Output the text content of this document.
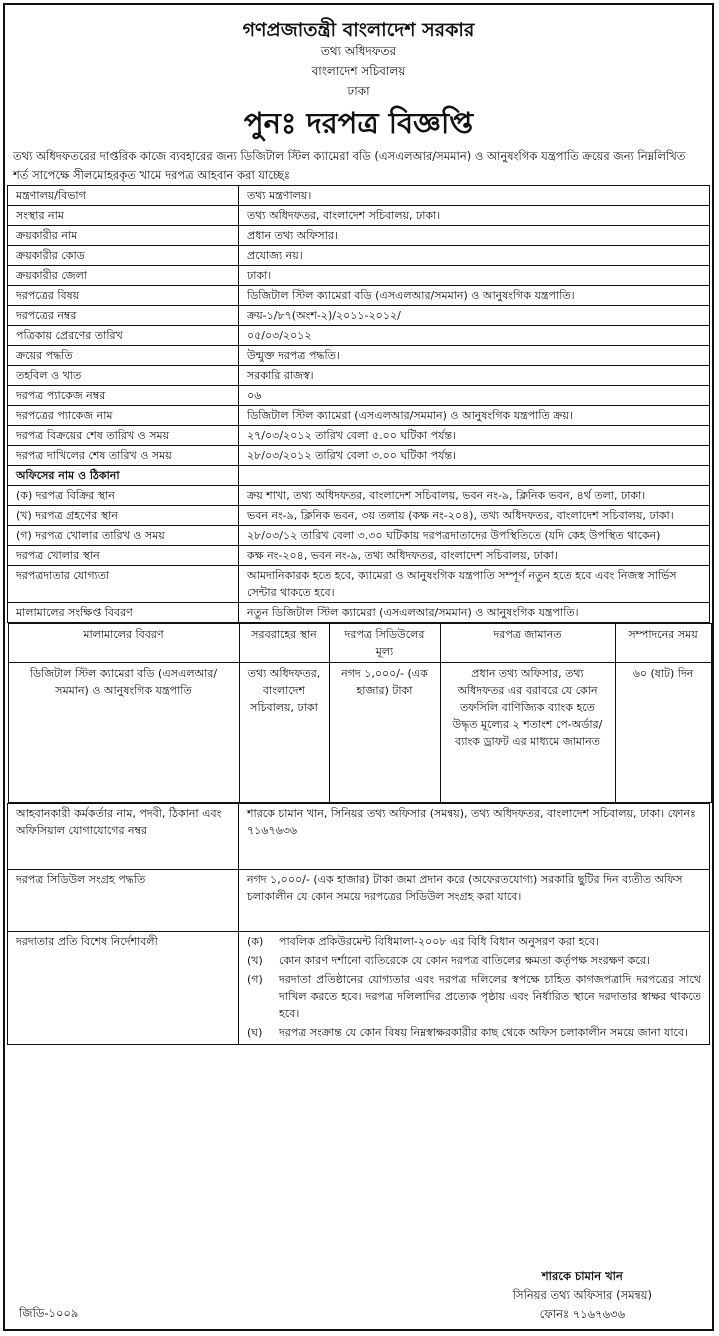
গণপ্রজাতন্ত্রী বাংলাদেশ সরকার
তথ্য অধিদফতর
বাংলাদেশ সচিবালয়
ঢাকা
পুনঃ দরপত্র বিজ্ঞপ্তি
তথ্য অধিদফতরের দাপ্তরিক কাজে ব্যবহারের জন্য ডিজিটাল স্টিল ক্যামেরা বডি (এসএলআর/সমমান) ও আনুষংগিক যন্ত্রপাতি ক্রয়ের জন্য নিম্নলিখিত শর্ত সাপেক্ষে সীলমোহরকৃত খামে দরপত্র আহবান করা যাচ্ছেঃ
মন্ত্রণালয়/বিভাগ	তথ্য মন্ত্রণালয়।
সংস্থার নাম	তথ্য অধিদফতর, বাংলাদেশ সচিবালয়, ঢাকা।
ক্রয়কারীর নাম	প্রধান তথ্য অফিসার।
ক্রয়কারীর কোড	প্রযোজ্য নয়।
ক্রয়কারীর জেলা	ঢাকা।
দরপত্রের বিষয়	ডিজিটাল স্টিল ক্যামেরা বডি (এসএলআর/সমমান) ও আনুষংগিক যন্ত্রপাতি।
দরপত্রের নম্বর	ক্রয়-১/৮৭(অংশ-২)/২০১১-২০১২/
পত্রিকায় প্রেরণের তারিখ	০৫/০৩/২০১২
ক্রয়ের পদ্ধতি	উন্মুক্ত দরপত্র পদ্ধতি।
তহবিল ও খাত	সরকারি রাজস্ব।
দরপত্র প্যাকেজ নম্বর	০৬
দরপত্রের প্যাকেজ নাম	ডিজিটাল স্টিল ক্যামেরা (এসএলআর/সমমান) ও আনুষংগিক যন্ত্রপাতি ক্রয়।
দরপত্র বিক্রয়ের শেষ তারিখ ও সময়	২৭/০৩/২০১২ তারিখ বেলা ৫.০০ ঘটিকা পর্যন্ত।
দরপত্র দাখিলের শেষ তারিখ ও সময়	২৮/০৩/২০১২ তারিখ বেলা ৩.০০ ঘটিকা পর্যন্ত।
অফিসের নাম ও ঠিকানা	
(ক) দরপত্র বিক্রির স্থান	ক্রয় শাখা, তথ্য অধিদফতর, বাংলাদেশ সচিবালয়, ভবন নং-৯, ক্লিনিক ভবন, ৪র্থ তলা, ঢাকা।
(খ) দরপত্র গ্রহণের স্থান	ভবন নং-৯, ক্লিনিক ভবন, ৩য় তলায় (কক্ষ নং-২০৪), তথ্য অধিদফতর, বাংলাদেশ সচিবালয়, ঢাকা।
(গ) দরপত্র খোলার তারিখ ও সময়	২৮/০৩/১২ তারিখ বেলা ৩.৩০ ঘটিকায় দরপত্রদাতাদের উপস্থিতিতে (যদি কেহ উপস্থিত থাকেন)
দরপত্র খোলার স্থান	কক্ষ নং-২০৪, ভবন নং-৯, তথ্য অধিদফতর, বাংলাদেশ সচিবালয়, ঢাকা।
দরপত্রদাতার যোগ্যতা	আমদানিকারক হতে হবে, ক্যামেরা ও আনুষংগিক যন্ত্রপাতি সম্পূর্ণ নতুন হতে হবে এবং নিজস্ব সার্ভিস সেন্টার থাকতে হবে।
মালামালের সংক্ষিপ্ত বিবরণ	নতুন ডিজিটাল স্টিল ক্যামেরা (এসএলআর/সমমান) ও আনুষংগিক যন্ত্রপাতি।

মালামালের বিবরণ	সরবরাহের স্থান	দরপত্র সিডিউলের মূল্য	দরপত্র জামানত	সম্পাদনের সময়
ডিজিটাল স্টিল ক্যামেরা বডি (এসএলআর/সমমান) ও আনুষংগিক যন্ত্রপাতি	তথ্য অধিদফতর, বাংলাদেশ সচিবালয়, ঢাকা	নগদ ১,০০০/- (এক হাজার) টাকা	প্রধান তথ্য অফিসার, তথ্য অধিদফতর এর বরাবরে যে কোন তফসিলি বাণিজ্যিক ব্যাংক হতে উদ্ধৃত মূল্যের ২ শতাংশ পে-অর্ডার/ ব্যাংক ড্রাফট এর মাধ্যমে জামানত	৬০ (ষাট) দিন

আহবানকারী কর্মকর্তার নাম, পদবী, ঠিকানা এবং অফিসিয়াল যোগাযোগের নম্বর	শারকে চামান খান, সিনিয়র তথ্য অফিসার (সমন্বয়), তথ্য অধিদফতর, বাংলাদেশ সচিবালয়, ঢাকা। ফোনঃ ৭১৬৭৬৩৬
দরপত্র সিডিউল সংগ্রহ পদ্ধতি	নগদ ১,০০০/- (এক হাজার) টাকা জমা প্রদান করে (অফেরতযোগ্য) সরকারি ছুটির দিন ব্যতীত অফিস চলাকালীন যে কোন সময়ে দরপত্রের সিডিউল সংগ্রহ করা যাবে।
দরদাতার প্রতি বিশেষ নির্দেশাবলী	(ক)	পাবলিক প্রকিউরমেন্ট বিধিমালা-২০০৮ এর বিধি বিধান অনুসরণ করা হবে।
(খ)	কোন কারণ দর্শানো ব্যতিরেকে যে কোন দরপত্র বাতিলের ক্ষমতা কর্তৃপক্ষ সংরক্ষণ করে।
(গ)	দরদাতা প্রতিষ্ঠানের যোগ্যতার এবং দরপত্র দলিলের স্বপক্ষে চাহিত কাগজপত্রাদি দরপত্রের সাথে দাখিল করতে হবে। দরপত্র দলিলাদির প্রত্যেক পৃষ্ঠায় এবং নির্ধারিত স্থানে দরদাতার স্বাক্ষর থাকতে হবে।
(ঘ)	দরপত্র সংক্রান্ত যে কোন বিষয় নিম্নস্বাক্ষরকারীর কাছ থেকে অফিস চলাকালীন সময়ে জানা যাবে।
শারকে চামান খান
সিনিয়র তথ্য অফিসার (সমন্বয়)
ফোনঃ ৭১৬৭৬৩৬
জিডি-১০০৯
